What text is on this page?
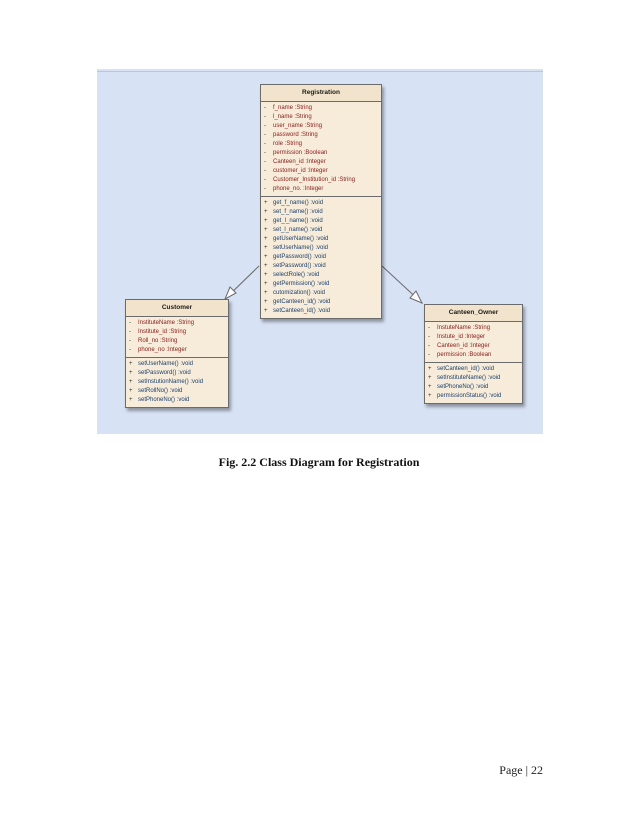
Registration
- f_name :String
- l_name :String
- user_name :String
- password :String
- role :String
- permission :Boolean
- Canteen_id :Integer
- customer_id :Integer
- Customer_Institution_id :String
- phone_no. :Integer
+ get_f_name() :void
+ set_f_name() :void
+ get_l_name() :void
+ set_l_name() :void
+ getUserName() :void
+ setUserName() :void
+ getPassword() :void
+ setPassword() :void
+ selectRole() :void
+ getPermission() :void
+ cutomization() :void
+ getCanteen_id() :void
+ setCanteen_id() :void
Customer
- InstituteName :String
- Institute_id :String
- Roll_no :String
- phone_no :Integer
+ setUserName() :void
+ setPassword() :void
+ setInstutionName() :void
+ setRollNo() :void
+ setPhoneNo() :void
Canteen_Owner
- InstuteName :String
- Instute_id :Integer
- Canteen_id :Integer
- permission :Boolean
+ setCanteen_id() :void
+ setInstituteName() :void
+ setPhoneNo() :void
+ permissionStatus() :void
Fig. 2.2 Class Diagram for Registration
Page | 22
